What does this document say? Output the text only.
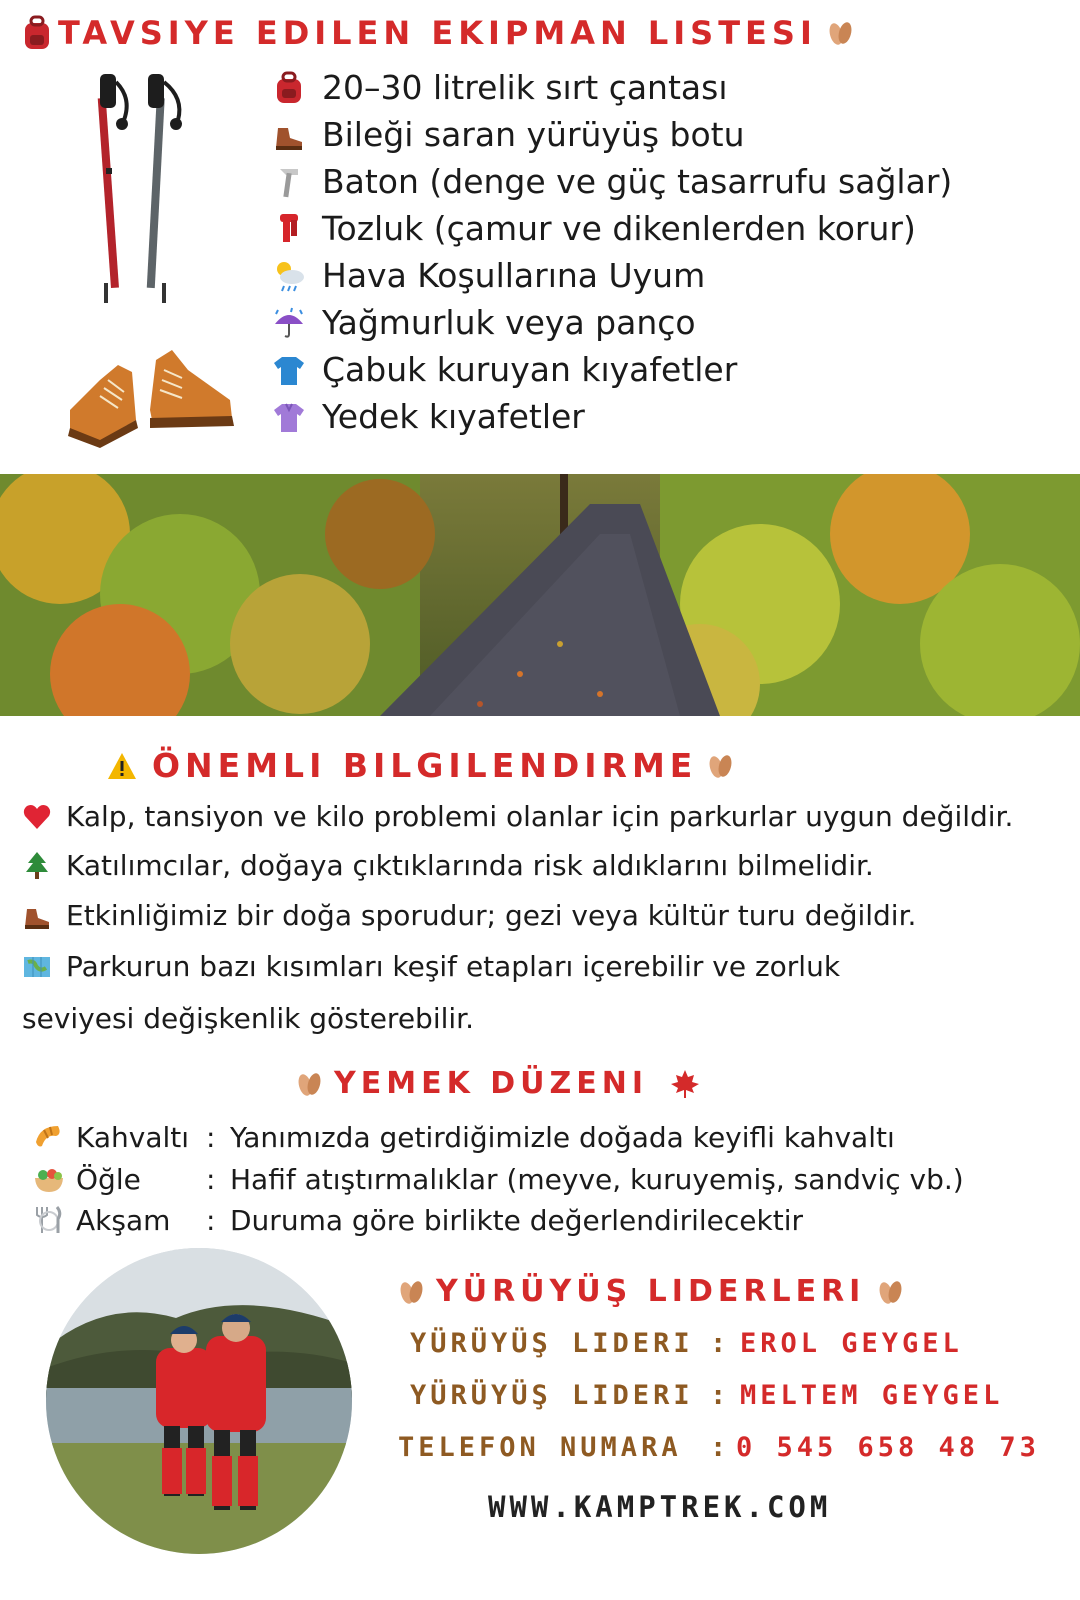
TAVSIYE EDILEN EKIPMAN LISTESI
20–30 litrelik sırt çantası
Bileği saran yürüyüş botu
Baton (denge ve güç tasarrufu sağlar)
Tozluk (çamur ve dikenlerden korur)
Hava Koşullarına Uyum
Yağmurluk veya panço
Çabuk kuruyan kıyafetler
Yedek kıyafetler
ÖNEMLI BILGILENDIRME
Kalp, tansiyon ve kilo problemi olanlar için parkurlar uygun değildir.
Katılımcılar, doğaya çıktıklarında risk aldıklarını bilmelidir.
Etkinliğimiz bir doğa sporudur; gezi veya kültür turu değildir.
Parkurun bazı kısımları keşif etapları içerebilir ve zorluk
seviyesi değişkenlik gösterebilir.
YEMEK DÜZENI
Kahvaltı : Yanımızda getirdiğimizle doğada keyifli kahvaltı
Öğle	: Hafif atıştırmalıklar (meyve, kuruyemiş, sandviç vb.)
Akşam	: Duruma göre birlikte değerlendirilecektir
YÜRÜYÜŞ LIDERLERI
YÜRÜYÜŞ LIDERI : EROL GEYGEL
YÜRÜYÜŞ LIDERI : MELTEM GEYGEL
TELEFON NUMARA : 0 545 658 48 73
WWW.KAMPTREK.COM
